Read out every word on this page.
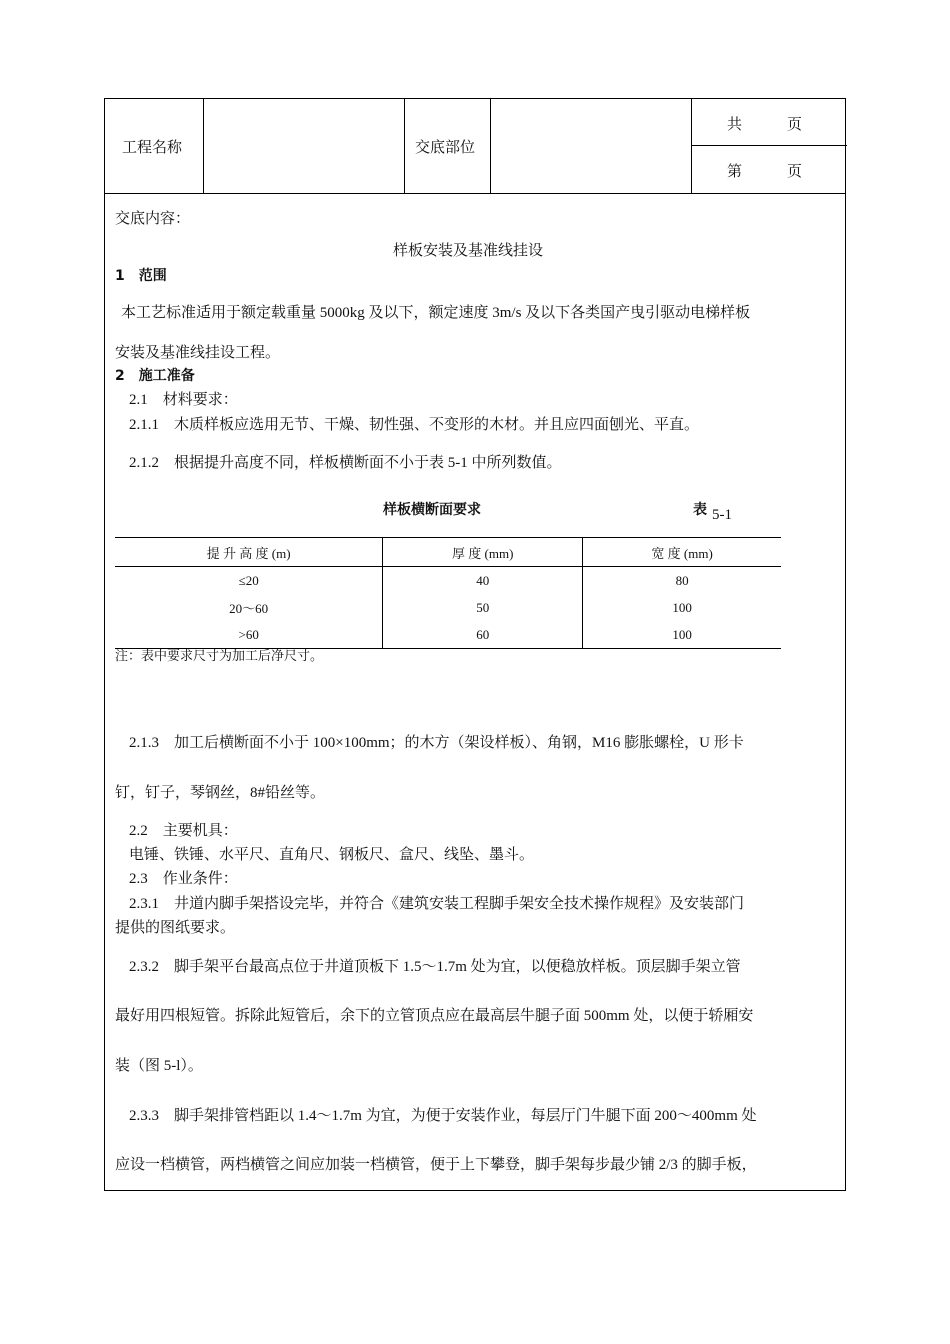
工程名称	交底部位
共　　　页
第　　　页
交底内容：
样板安装及基准线挂设
1　范围
本工艺标准适用于额定载重量 5000kg 及以下，额定速度 3m/s 及以下各类国产曳引驱动电梯样板
安装及基准线挂设工程。
2　施工准备
2.1　材料要求：
2.1.1　木质样板应选用无节、干燥、韧性强、不变形的木材。并且应四面刨光、平直。
2.1.2　根据提升高度不同，样板横断面不小于表 5-1 中所列数值。
样板横断面要求	表 5-1
提 升 高 度 (m)	厚 度 (mm)	宽 度 (mm)
≤20	40	80
20～60	50	100
>60	60	100
注：表中要求尺寸为加工后净尺寸。
2.1.3　加工后横断面不小于 100×100mm；的木方（架设样板）、角钢，M16 膨胀螺栓，U 形卡
钉，钉子，琴钢丝，8#铅丝等。
2.2　主要机具：
电锤、铁锤、水平尺、直角尺、钢板尺、盒尺、线坠、墨斗。
2.3　作业条件：
2.3.1　井道内脚手架搭设完毕，并符合《建筑安装工程脚手架安全技术操作规程》及安装部门
提供的图纸要求。
2.3.2　脚手架平台最高点位于井道顶板下 1.5～1.7m 处为宜，以便稳放样板。顶层脚手架立管
最好用四根短管。拆除此短管后，余下的立管顶点应在最高层牛腿子面 500mm 处，以便于轿厢安
装（图 5-l）。
2.3.3　脚手架排管档距以 1.4～1.7m 为宜，为便于安装作业，每层厅门牛腿下面 200～400mm 处
应设一档横管，两档横管之间应加装一档横管，便于上下攀登，脚手架每步最少铺 2/3 的脚手板，
